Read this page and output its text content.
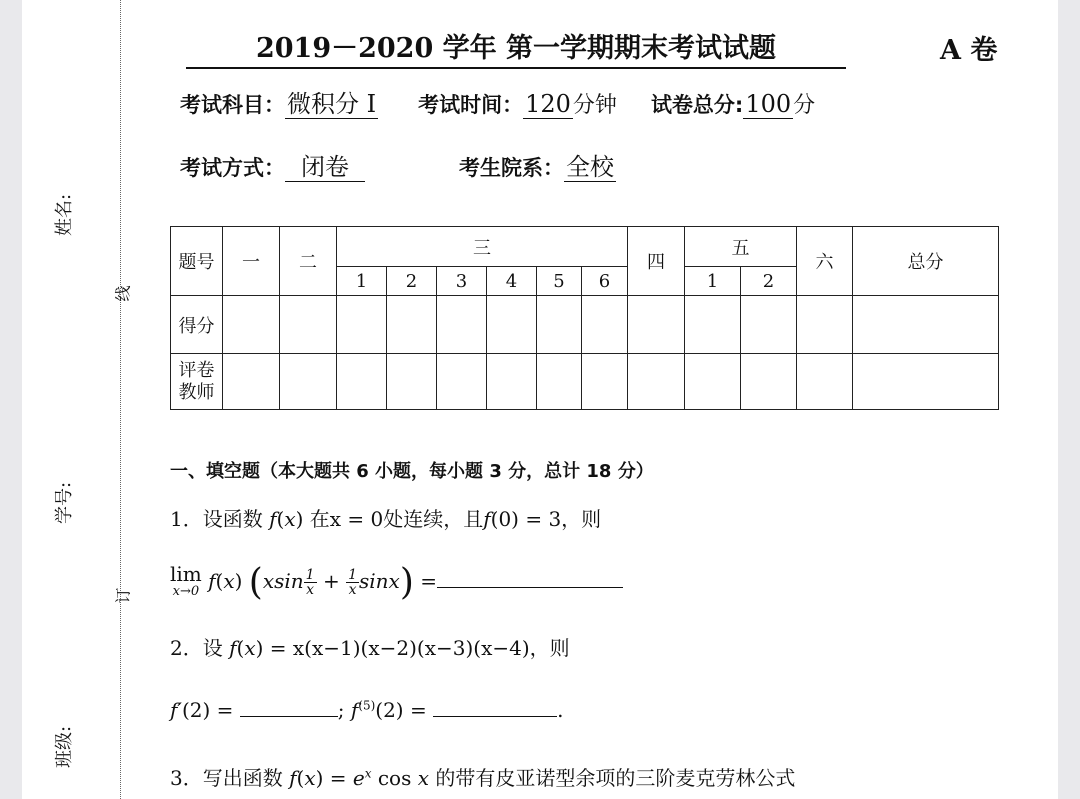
姓名:
学号:
班级:
线
订
2019－2020 学年 第一学期期末考试试题	A 卷
考试科目：微积分 I 考试时间：120分钟 试卷总分:100分
考试方式： 闭卷	考生院系：全校
题号	一	二	三						四	五		六	总分
			1	2	3	4	5	6		1	2		
得分													
评卷
教师													
一、填空题（本大题共 6 小题，每小题 3 分，总计 18 分）
1．设函数 f(x) 在x = 0处连续，且f(0) = 3，则
lim
x→0 f(x) $(xsin \frac{1}{x} + \frac{1}{x} \sin x)$ =
2．设 f(x) = x(x−1)(x−2)(x−3)(x−4)，则
f′(2) =	; $f^{(5)}(2)$ =	.
3．写出函数 $f(x) = e^x$ cos x 的带有皮亚诺型余项的三阶麦克劳林公式
